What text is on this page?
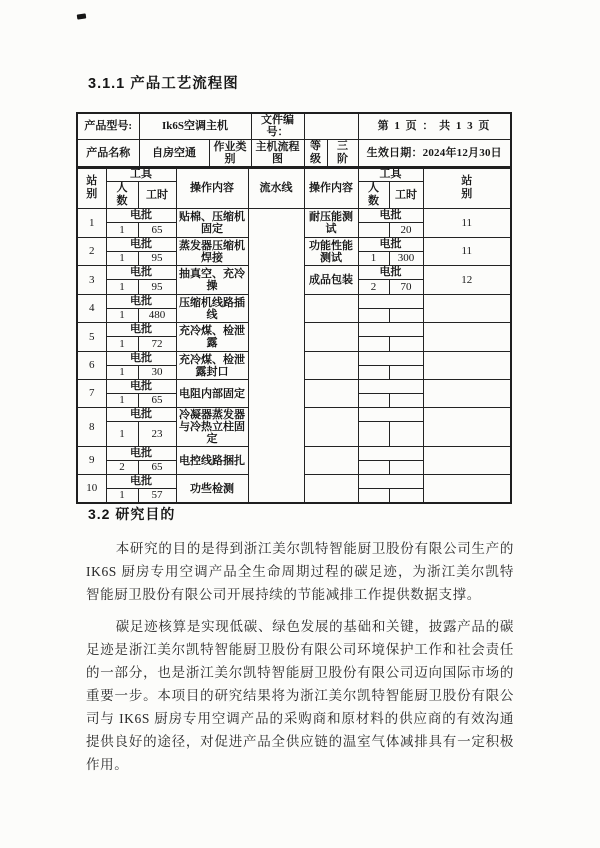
3.1.1 产品工艺流程图
产品型号:	Ik6S空调主机		文件编号：			第 1 页 ： 共 1 3 页
产品名称	自房空通	作业类别	主机流程图	等级	三阶	生效日期：2024年12月30日
站别	工具		操作内容	流水线	操作内容	工具		站别
	人数	工时				人数	工时	
1	电批		贴棉、压缩机固定		耐压能测试	电批		11
	1	65					20	
2	电批		蒸发器压缩机焊接		功能性能测试	电批		11
	1	95				1	300	
3	电批		抽真空、充冷操		成品包装	电批		12
	1	95				2	70	
4	电批		压缩机线路插线					
	1	480						
5	电批		充冷煤、检泄露					
	1	72						
6	电批		充冷煤、检泄露封口					
	1	30						
7	电批		电阻内部固定					
	1	65						
8	电批		冷凝器蒸发器与冷热立柱固定					
	1	23						
9	电批		电控线路捆扎					
	2	65						
10	电批		功些检测					
	1	57						
3.2 研究目的

本研究的目的是得到浙江美尔凯特智能厨卫股份有限公司生产的 IK6S 厨房专用空调产品全生命周期过程的碳足迹，为浙江美尔凯特智能厨卫股份有限公司开展持续的节能减排工作提供数据支撑。

碳足迹核算是实现低碳、绿色发展的基础和关键，披露产品的碳足迹是浙江美尔凯特智能厨卫股份有限公司环境保护工作和社会责任的一部分，也是浙江美尔凯特智能厨卫股份有限公司迈向国际市场的重要一步。本项目的研究结果将为浙江美尔凯特智能厨卫股份有限公司与 IK6S 厨房专用空调产品的采购商和原材料的供应商的有效沟通提供良好的途径，对促进产品全供应链的温室气体减排具有一定积极作用。
